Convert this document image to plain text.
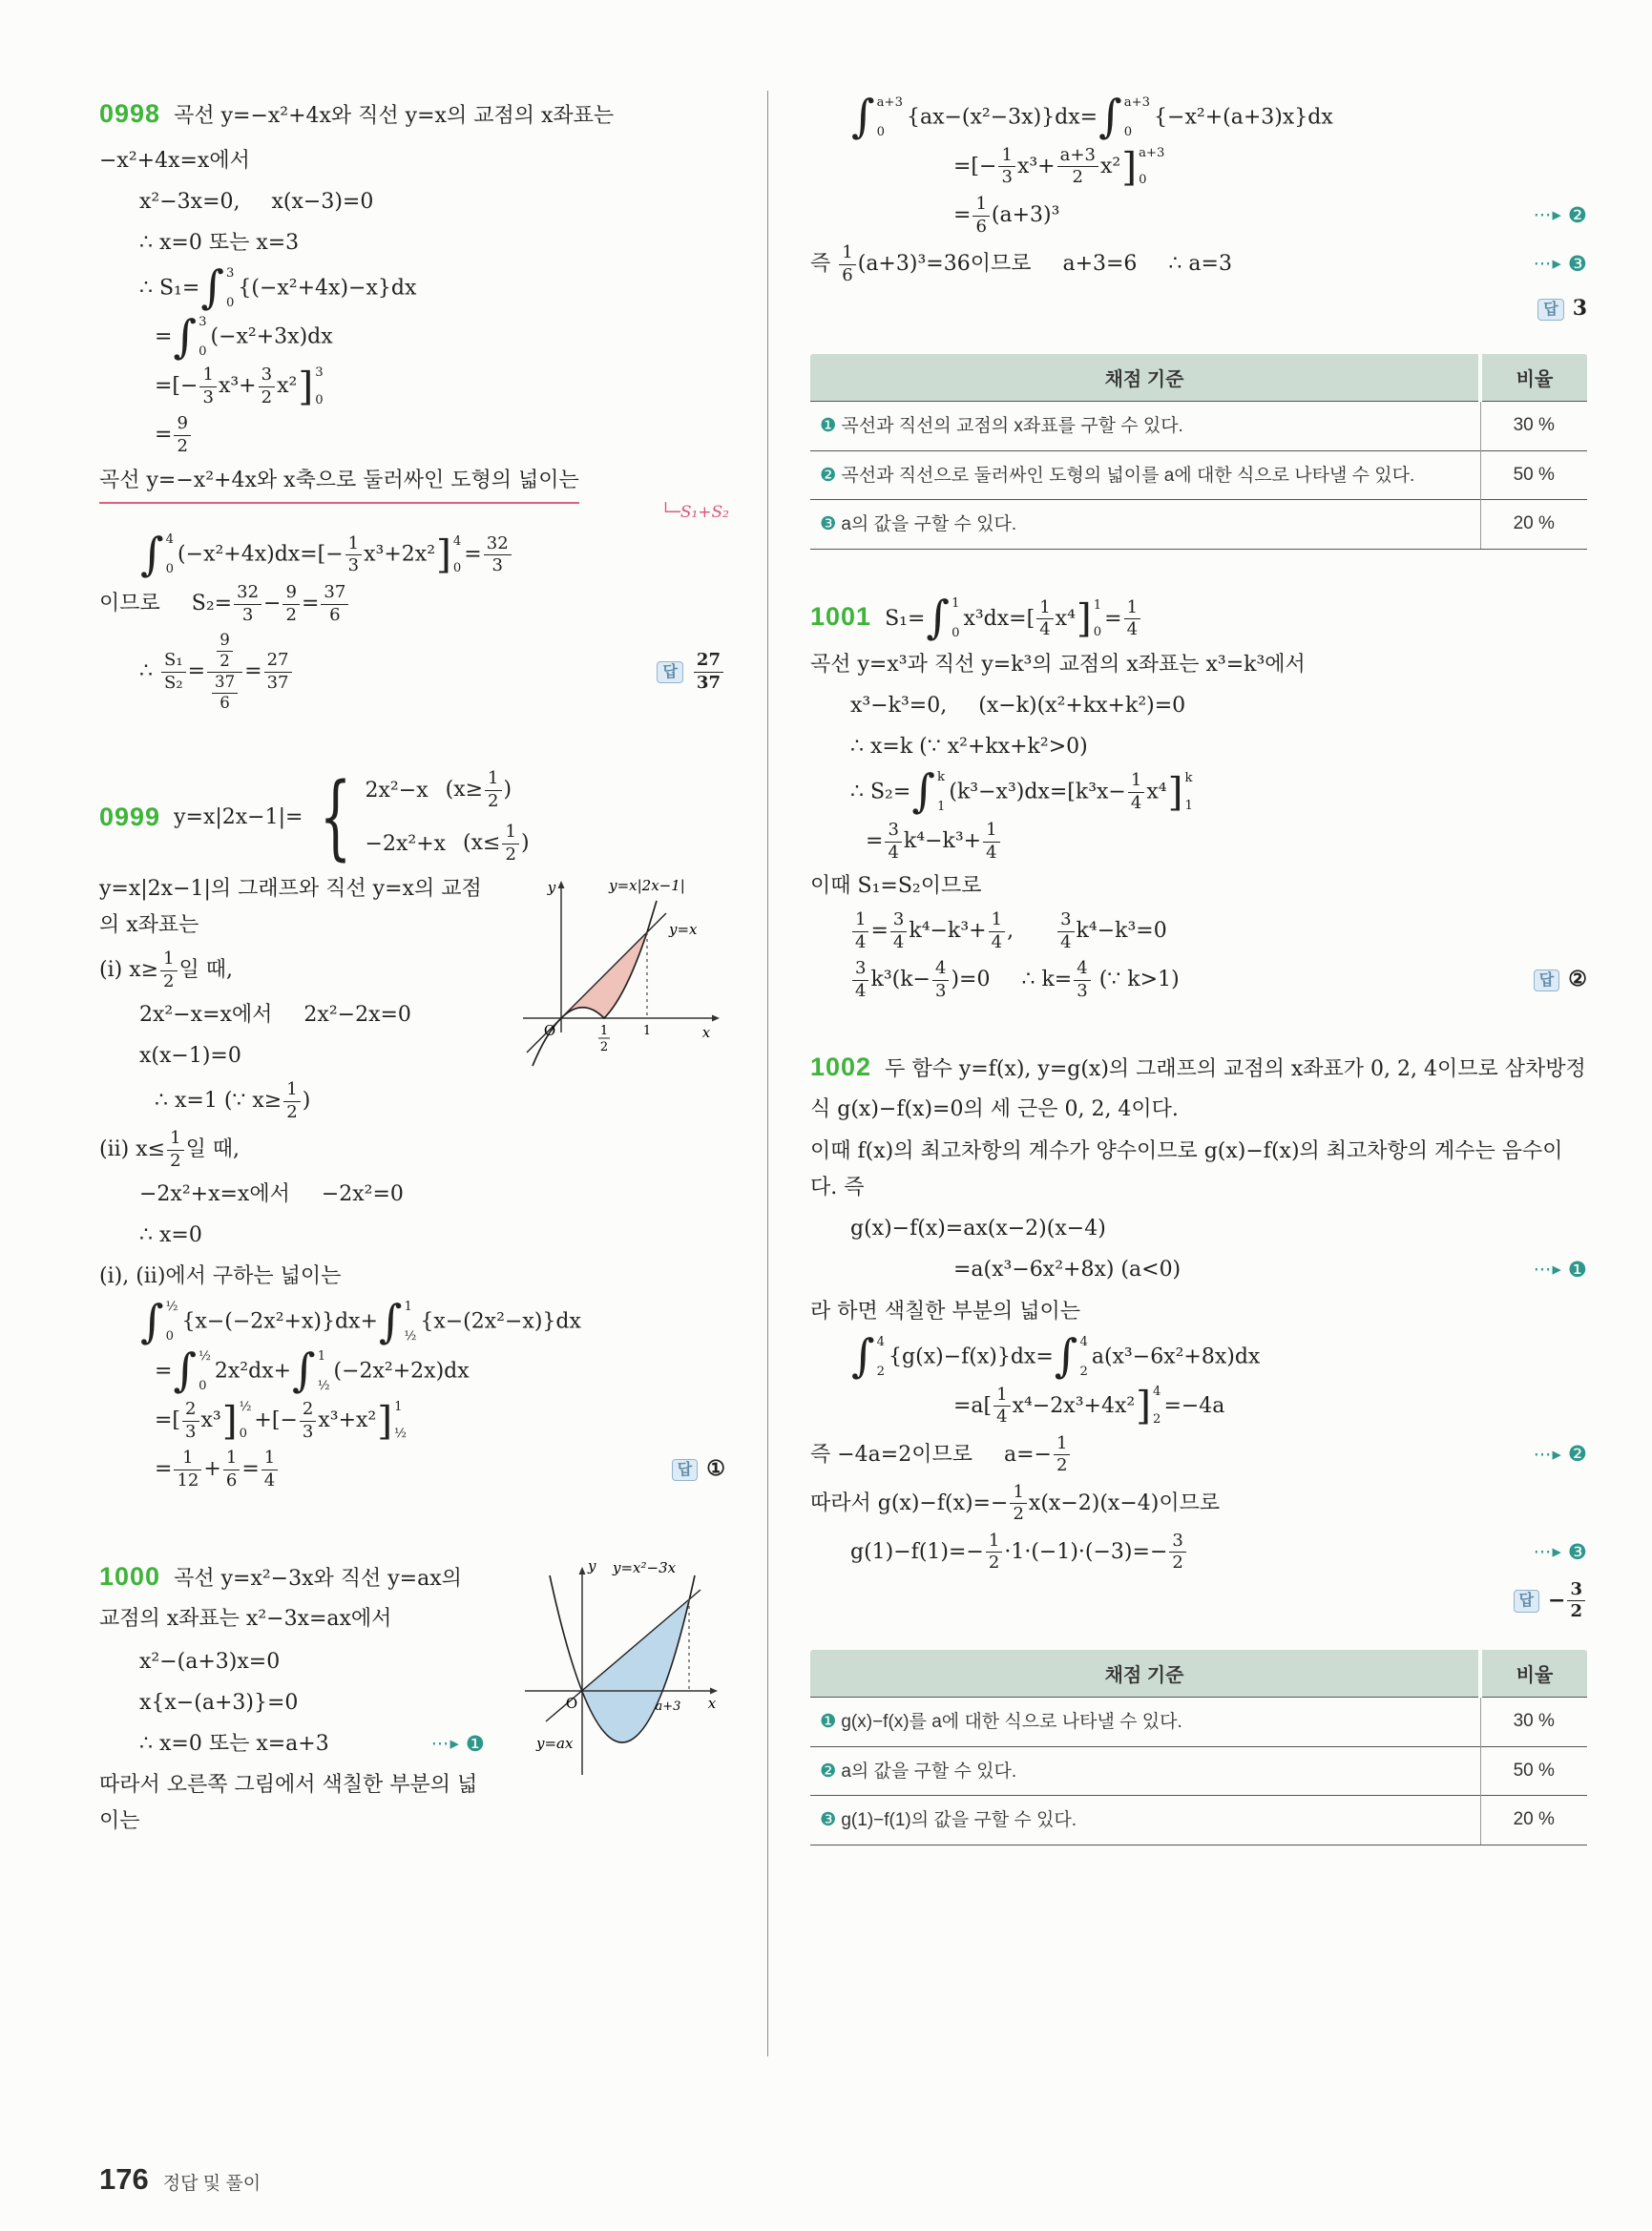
0998 곡선 y=−x²+4x와 직선 y=x의 교점의 x좌표는
−x²+4x=x에서
x²−3x=0,  x(x−3)=0
∴ x=0 또는 x=3
∴ S₁= ∫ 3
0
{(−x²+4x)−x}dx
= ∫ 3
0
(−x²+3x)dx
=[− $\frac{1}{3} x^3+ \frac{3}{2} x^2$ ] 3
0
= $\frac{9}{2}$
곡선 y=−x²+4x와 x축으로 둘러싸인 도형의 넓이는
└─ S₁+S₂
∫ 4
0
$(-x^2+4x)dx=[- \frac{1}{3} x^3+2x^2$ ] 4
0
= $\frac{32}{3}$
이므로  $S_2= \frac{32}{3} - \frac{9}{2} = \frac{37}{6}$
∴ $\frac{\text{S₁}}{\text{S₂}} = \frac{\frac{9}{2}}{\frac{37}{6}} = \frac{27}{37}$	답 $\frac{27}{37}$
0999 y=x|2x−1|= { 2x²−x ($x\ge \frac{1}{2}$ )
−2x²+x ($x\le \frac{1}{2}$ )
y
x
O
y=x|2x−1|
y=x
1
2
1
y=x|2x−1|의 그래프와 직선 y=x의 교점의 x좌표는
(i) $x\ge \frac{1}{2}$ 일 때,
2x²−x=x에서  2x²−2x=0
x(x−1)=0
∴ x=1 (∵ $x\ge \frac{1}{2}$ )
(ii) $x\le \frac{1}{2}$ 일 때,
−2x²+x=x에서  −2x²=0
∴ x=0
(i), (ii)에서 구하는 넓이는
∫ ½
0
{x−(−2x²+x)}dx+ ∫ 1
½
{x−(2x²−x)}dx
= ∫ ½
0
2x²dx+ ∫ 1
½
(−2x²+2x)dx
=[ $\frac{2}{3} x^3$ ] ½
0
+[− $\frac{2}{3} x^3+x^2$ ] 1
½
= $\frac{1}{12} + \frac{1}{6} = \frac{1}{4}$	답 ①
y
x
O
y=x²−3x
y=ax
a+3
1000 곡선 y=x²−3x와 직선 y=ax의 교점의 x좌표는 x²−3x=ax에서
x²−(a+3)x=0
x{x−(a+3)}=0
∴ x=0 또는 x=a+3	⋯▸ ❶
따라서 오른쪽 그림에서 색칠한 부분의 넓이는
176 정답 및 풀이
∫ a+3
0
{ax−(x²−3x)}dx= ∫ a+3
0
{−x²+(a+3)x}dx
=[− $\frac{1}{3} x^3+ \frac{a+3}{2} x^2$ ] a+3
0
= $\frac{1}{6} (a+3)^3$	⋯▸ ❷
즉 $\frac{1}{6} (a+3)^3=36$이므로  a+3=6  ∴ a=3	⋯▸ ❸
답 3
채점 기준	비율
❶ 곡선과 직선의 교점의 x좌표를 구할 수 있다.	30 %
❷ 곡선과 직선으로 둘러싸인 도형의 넓이를 a에 대한 식으로 나타낼 수 있다.	50 %
❸ a의 값을 구할 수 있다.	20 %
1001 S₁= ∫ 1
0
$x^3dx=[ \frac{1}{4} x^4$ ] 1
0
= $\frac{1}{4}$
곡선 y=x³과 직선 y=k³의 교점의 x좌표는 x³=k³에서
x³−k³=0,  (x−k)(x²+kx+k²)=0
∴ x=k (∵ x²+kx+k²>0)
∴ S₂= ∫ k
1
$(k^3-x^3)dx=[k^3x- \frac{1}{4} x^4$ ] k
1
= $\frac{3}{4} k^4-k^3+ \frac{1}{4}$
이때 S₁=S₂이므로
$\frac{1}{4} = \frac{3}{4} k^4-k^3+ \frac{1}{4}$ ,   $\frac{3}{4} k^4-k^3=0$
$\frac{3}{4} k^3(k- \frac{4}{3} )=0$  ∴ $k= \frac{4}{3}$ (∵ k>1)	답 ②
1002 두 함수 y=f(x), y=g(x)의 그래프의 교점의 x좌표가 0, 2, 4이므로 삼차방정식 g(x)−f(x)=0의 세 근은 0, 2, 4이다.
이때 f(x)의 최고차항의 계수가 양수이므로 g(x)−f(x)의 최고차항의 계수는 음수이다. 즉
g(x)−f(x)=ax(x−2)(x−4)
=a(x³−6x²+8x) (a<0)	⋯▸ ❶
라 하면 색칠한 부분의 넓이는
∫ 4
2
{g(x)−f(x)}dx= ∫ 4
2
a(x³−6x²+8x)dx
$=a[ \frac{1}{4} x^4-2x^3+4x^2$ ] 4
2
=−4a
즉 −4a=2이므로  $a=- \frac{1}{2}$	⋯▸ ❷
따라서 $g(x)-f(x)=- \frac{1}{2} x(x-2)(x-4)$이므로
$g(1)-f(1)=- \frac{1}{2} \cdot 1\cdot(-1)\cdot(-3)=- \frac{3}{2}$	⋯▸ ❸
답 − $\frac{3}{2}$
채점 기준	비율
❶ g(x)−f(x)를 a에 대한 식으로 나타낼 수 있다.	30 %
❷ a의 값을 구할 수 있다.	50 %
❸ g(1)−f(1)의 값을 구할 수 있다.	20 %
